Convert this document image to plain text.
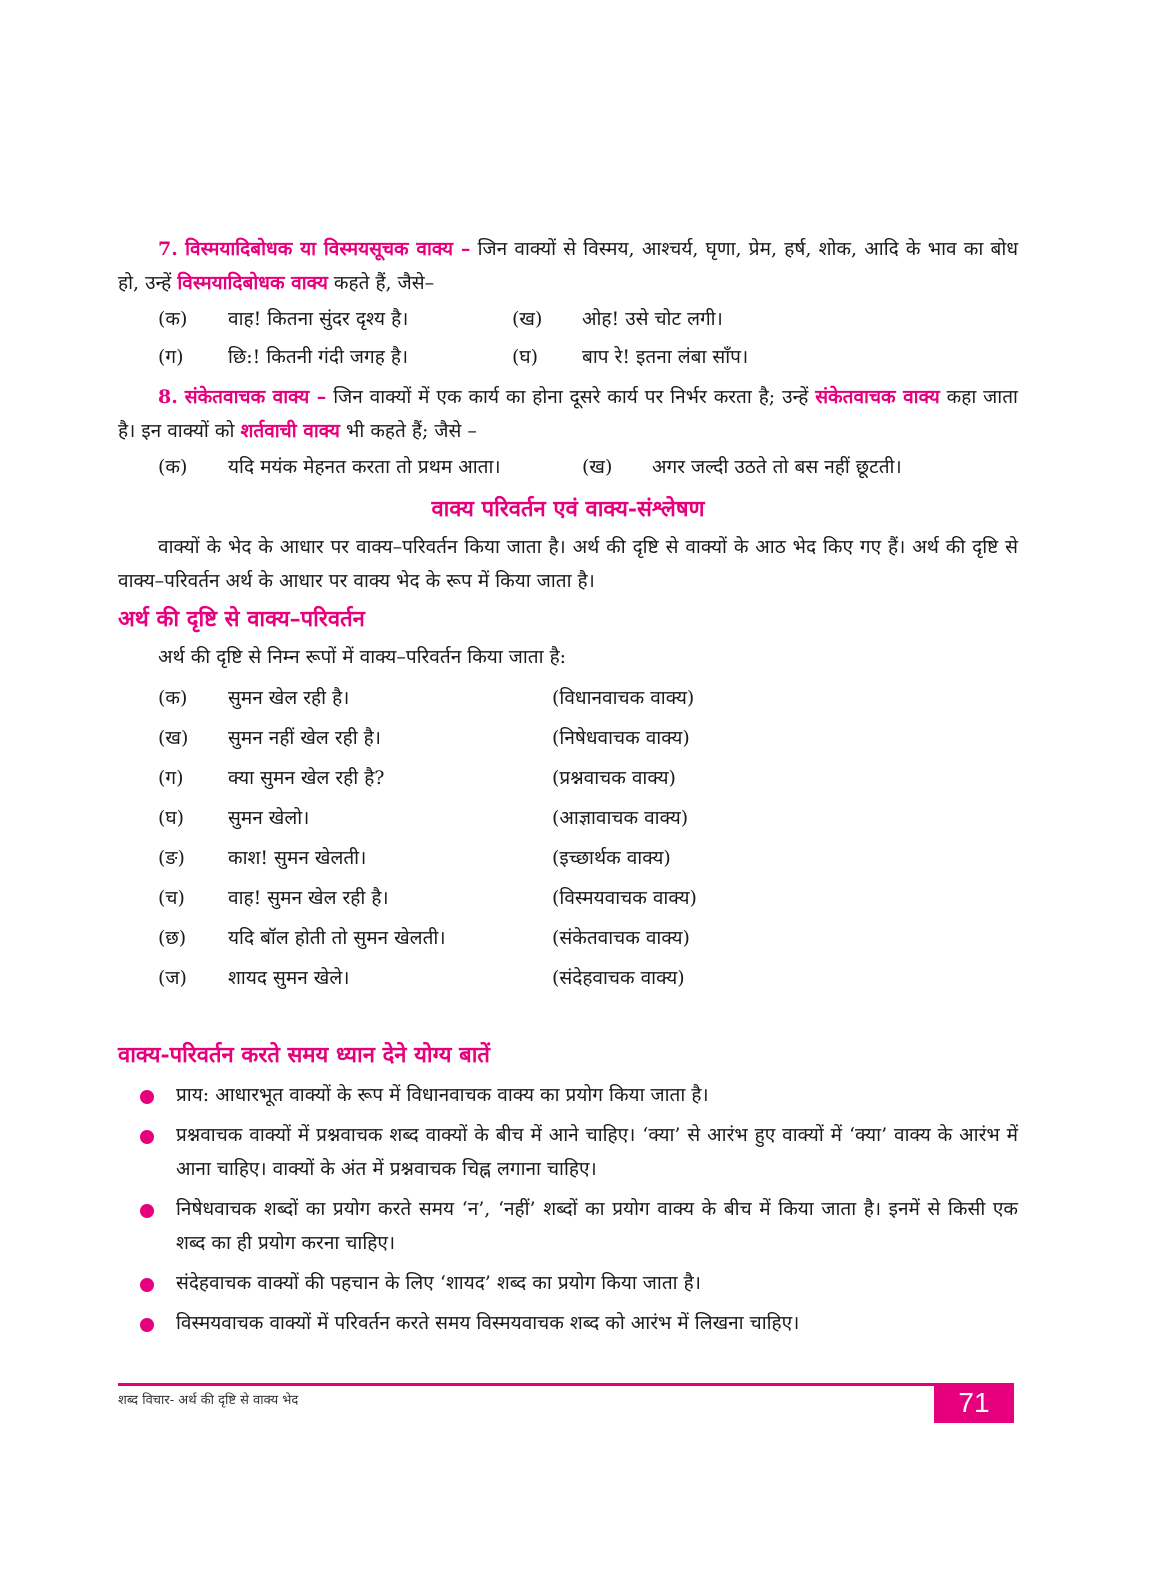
7. विस्मयादिबोधक या विस्मयसूचक वाक्य – जिन वाक्यों से विस्मय, आश्चर्य, घृणा, प्रेम, हर्ष, शोक, आदि के भाव का बोध हो, उन्हें विस्मयादिबोधक वाक्य कहते हैं, जैसे–

(क)	वाह! कितना सुंदर दृश्य है।	(ख)	ओह! उसे चोट लगी।
(ग)	छि:! कितनी गंदी जगह है।	(घ)	बाप रे! इतना लंबा साँप।

8. संकेतवाचक वाक्य – जिन वाक्यों में एक कार्य का होना दूसरे कार्य पर निर्भर करता है; उन्हें संकेतवाचक वाक्य कहा जाता है। इन वाक्यों को शर्तवाची वाक्य भी कहते हैं; जैसे –

(क)	यदि मयंक मेहनत करता तो प्रथम आता।	(ख)	अगर जल्दी उठते तो बस नहीं छूटती।
वाक्य परिवर्तन एवं वाक्य-संश्लेषण

वाक्यों के भेद के आधार पर वाक्य–परिवर्तन किया जाता है। अर्थ की दृष्टि से वाक्यों के आठ भेद किए गए हैं। अर्थ की दृष्टि से वाक्य–परिवर्तन अर्थ के आधार पर वाक्य भेद के रूप में किया जाता है।

अर्थ की दृष्टि से वाक्य–परिवर्तन

अर्थ की दृष्टि से निम्न रूपों में वाक्य–परिवर्तन किया जाता है:

(क)	सुमन खेल रही है।	(विधानवाचक वाक्य)
(ख)	सुमन नहीं खेल रही है।	(निषेधवाचक वाक्य)
(ग)	क्या सुमन खेल रही है?	(प्रश्नवाचक वाक्य)
(घ)	सुमन खेलो।	(आज्ञावाचक वाक्य)
(ङ)	काश! सुमन खेलती।	(इच्छार्थक वाक्य)
(च)	वाह! सुमन खेल रही है।	(विस्मयवाचक वाक्य)
(छ)	यदि बॉल होती तो सुमन खेलती।	(संकेतवाचक वाक्य)
(ज)	शायद सुमन खेले।	(संदेहवाचक वाक्य)
वाक्य-परिवर्तन करते समय ध्यान देने योग्य बातें
प्राय: आधारभूत वाक्यों के रूप में विधानवाचक वाक्य का प्रयोग किया जाता है।
प्रश्नवाचक वाक्यों में प्रश्नवाचक शब्द वाक्यों के बीच में आने चाहिए। ‘क्या’ से आरंभ हुए वाक्यों में ‘क्या’ वाक्य के आरंभ में आना चाहिए। वाक्यों के अंत में प्रश्नवाचक चिह्न लगाना चाहिए।
निषेधवाचक शब्दों का प्रयोग करते समय ‘न’, ‘नहीं’ शब्दों का प्रयोग वाक्य के बीच में किया जाता है। इनमें से किसी एक शब्द का ही प्रयोग करना चाहिए।
संदेहवाचक वाक्यों की पहचान के लिए ‘शायद’ शब्द का प्रयोग किया जाता है।
विस्मयवाचक वाक्यों में परिवर्तन करते समय विस्मयवाचक शब्द को आरंभ में लिखना चाहिए।
शब्द विचार- अर्थ की दृष्टि से वाक्य भेद	71
